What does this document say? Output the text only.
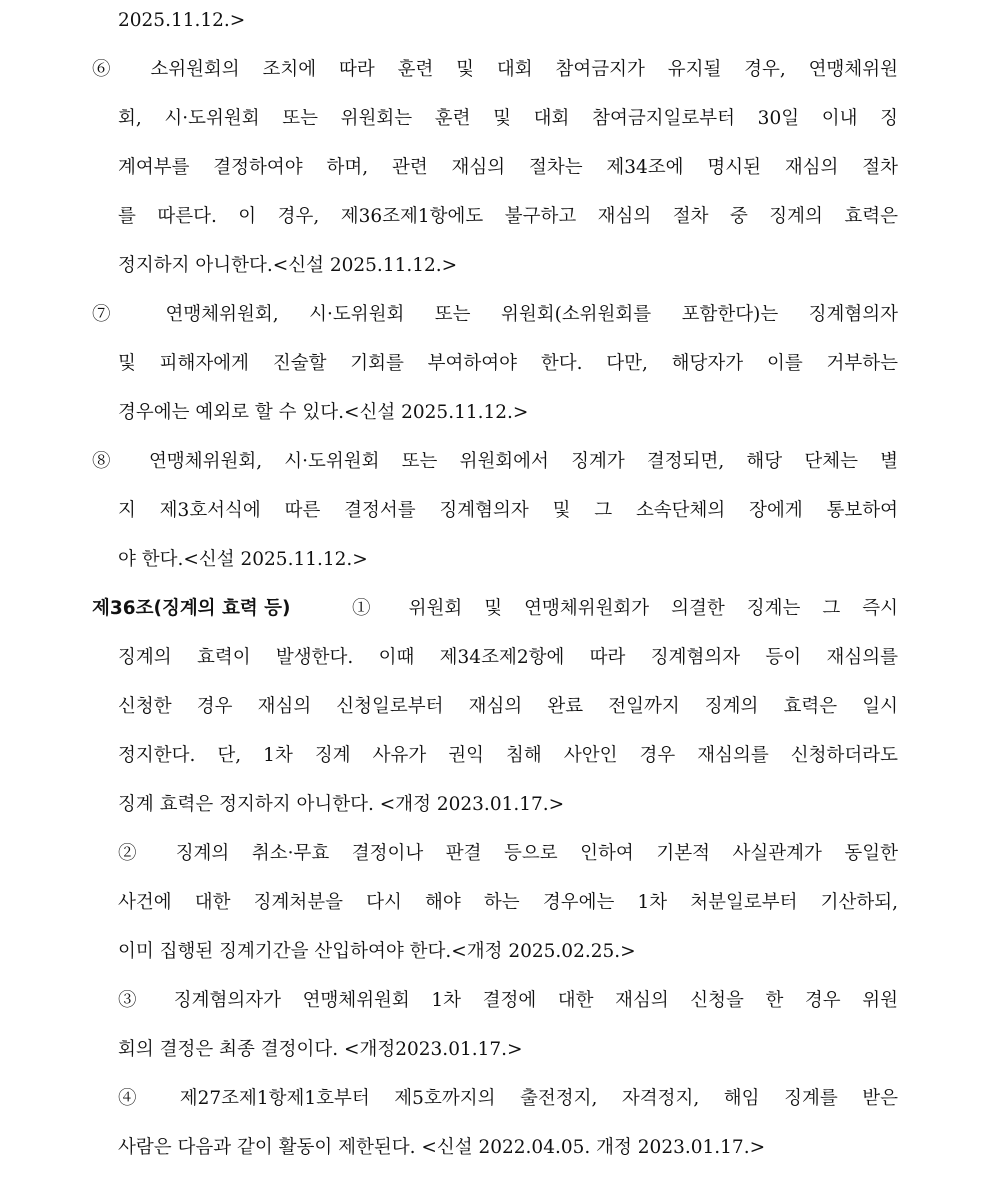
2025.11.12.>
⑥ 소위원회의 조치에 따라 훈련 및 대회 참여금지가 유지될 경우, 연맹체위원
회, 시·도위원회 또는 위원회는 훈련 및 대회 참여금지일로부터 30일 이내 징
계여부를 결정하여야 하며, 관련 재심의 절차는 제34조에 명시된 재심의 절차
를 따른다. 이 경우, 제36조제1항에도 불구하고 재심의 절차 중 징계의 효력은
정지하지 아니한다.<신설 2025.11.12.>
⑦ 연맹체위원회, 시·도위원회 또는 위원회(소위원회를 포함한다)는 징계혐의자
및 피해자에게 진술할 기회를 부여하여야 한다. 다만, 해당자가 이를 거부하는
경우에는 예외로 할 수 있다.<신설 2025.11.12.>
⑧ 연맹체위원회, 시·도위원회 또는 위원회에서 징계가 결정되면, 해당 단체는 별
지 제3호서식에 따른 결정서를 징계혐의자 및 그 소속단체의 장에게 통보하여
야 한다.<신설 2025.11.12.>
제36조(징계의 효력 등)	① 위원회 및 연맹체위원회가 의결한 징계는 그 즉시
징계의 효력이 발생한다. 이때 제34조제2항에 따라 징계혐의자 등이 재심의를
신청한 경우 재심의 신청일로부터 재심의 완료 전일까지 징계의 효력은 일시
정지한다. 단, 1차 징계 사유가 권익 침해 사안인 경우 재심의를 신청하더라도
징계 효력은 정지하지 아니한다. <개정 2023.01.17.>
② 징계의 취소·무효 결정이나 판결 등으로 인하여 기본적 사실관계가 동일한
사건에 대한 징계처분을 다시 해야 하는 경우에는 1차 처분일로부터 기산하되,
이미 집행된 징계기간을 산입하여야 한다.<개정 2025.02.25.>
③ 징계혐의자가 연맹체위원회 1차 결정에 대한 재심의 신청을 한 경우 위원
회의 결정은 최종 결정이다. <개정2023.01.17.>
④ 제27조제1항제1호부터 제5호까지의 출전정지, 자격정지, 해임 징계를 받은
사람은 다음과 같이 활동이 제한된다. <신설 2022.04.05. 개정 2023.01.17.>
